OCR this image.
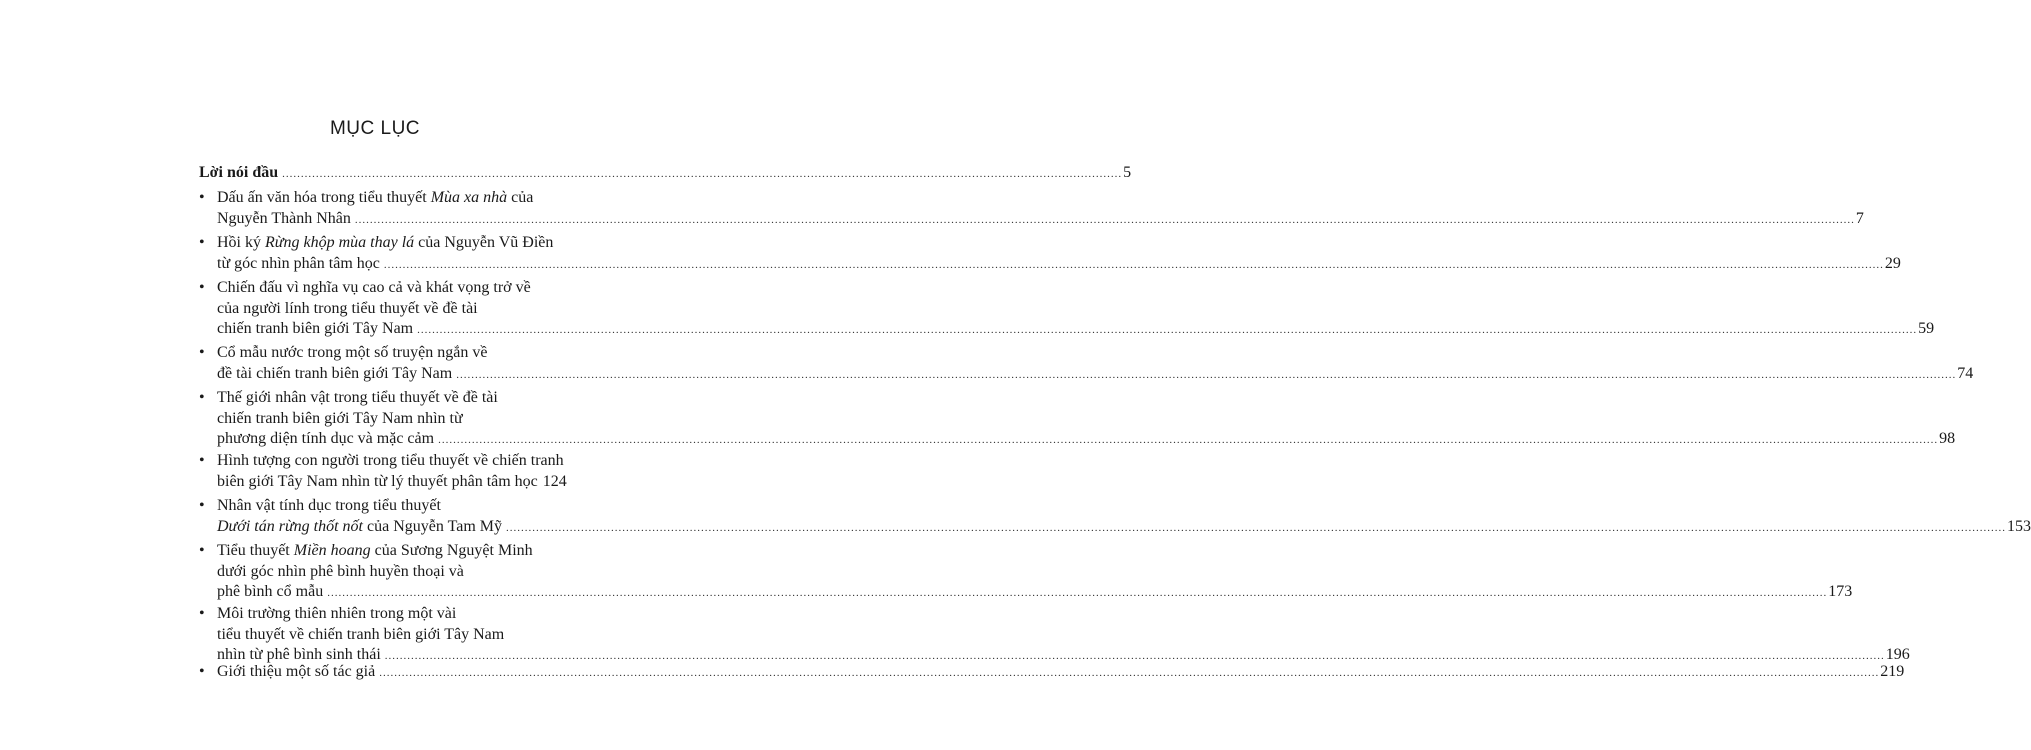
MỤC LỤC
Lời nói đầu ................................................................................................................................................................................................................................ 5
• Dấu ấn văn hóa trong tiểu thuyết Mùa xa nhà của
Nguyễn Thành Nhân ................................................................................................................................................................................................................................................................................................................................................................................................................ 7
• Hồi ký Rừng khộp mùa thay lá của Nguyễn Vũ Điền
từ góc nhìn phân tâm học ................................................................................................................................................................................................................................................................................................................................................................................................................ 29
• Chiến đấu vì nghĩa vụ cao cả và khát vọng trở về
của người lính trong tiểu thuyết về đề tài
chiến tranh biên giới Tây Nam ................................................................................................................................................................................................................................................................................................................................................................................................................ 59
• Cổ mẫu nước trong một số truyện ngắn về
đề tài chiến tranh biên giới Tây Nam ................................................................................................................................................................................................................................................................................................................................................................................................................ 74
• Thế giới nhân vật trong tiểu thuyết về đề tài
chiến tranh biên giới Tây Nam nhìn từ
phương diện tính dục và mặc cảm ................................................................................................................................................................................................................................................................................................................................................................................................................ 98
• Hình tượng con người trong tiểu thuyết về chiến tranh
biên giới Tây Nam nhìn từ lý thuyết phân tâm học 124
• Nhân vật tính dục trong tiểu thuyết
Dưới tán rừng thốt nốt của Nguyễn Tam Mỹ ................................................................................................................................................................................................................................................................................................................................................................................................................ 153
• Tiểu thuyết Miền hoang của Sương Nguyệt Minh
dưới góc nhìn phê bình huyền thoại và
phê bình cổ mẫu ................................................................................................................................................................................................................................................................................................................................................................................................................ 173
• Môi trường thiên nhiên trong một vài
tiểu thuyết về chiến tranh biên giới Tây Nam
nhìn từ phê bình sinh thái ................................................................................................................................................................................................................................................................................................................................................................................................................ 196
• Giới thiệu một số tác giả ................................................................................................................................................................................................................................................................................................................................................................................................................ 219
